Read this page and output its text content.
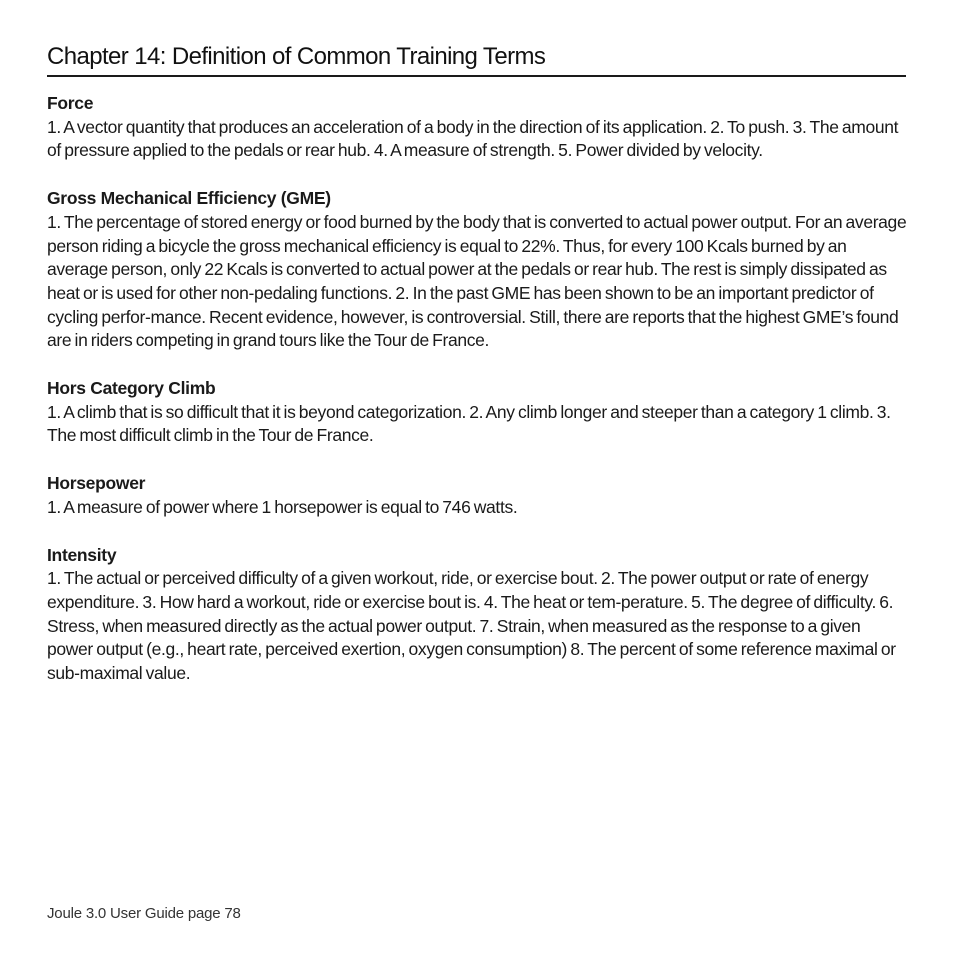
Chapter 14: Definition of Common Training Terms
Force
1. A vector quantity that produces an acceleration of a body in the direction of its application. 2. To push. 3. The amount of pressure applied to the pedals or rear hub. 4. A measure of strength. 5. Power divided by velocity.
Gross Mechanical Efficiency (GME)
1. The percentage of stored energy or food burned by the body that is converted to actual power output. For an average person riding a bicycle the gross mechanical efficiency is equal to 22%. Thus, for every 100 Kcals burned by an average person, only 22 Kcals is converted to actual power at the pedals or rear hub. The rest is simply dissipated as heat or is used for other non-pedaling functions. 2. In the past GME has been shown to be an important predictor of cycling perfor-mance. Recent evidence, however, is controversial. Still, there are reports that the highest GME’s found are in riders competing in grand tours like the Tour de France.
Hors Category Climb
1. A climb that is so difficult that it is beyond categorization. 2. Any climb longer and steeper than a category 1 climb. 3. The most difficult climb in the Tour de France.
Horsepower
1. A measure of power where 1 horsepower is equal to 746 watts.
Intensity
1. The actual or perceived difficulty of a given workout, ride, or exercise bout. 2. The power output or rate of energy expenditure. 3. How hard a workout, ride or exercise bout is. 4. The heat or tem-perature. 5. The degree of difficulty. 6. Stress, when measured directly as the actual power output. 7. Strain, when measured as the response to a given power output (e.g., heart rate, perceived exertion, oxygen consumption) 8. The percent of some reference maximal or sub-maximal value.
Joule 3.0 User Guide page 78
